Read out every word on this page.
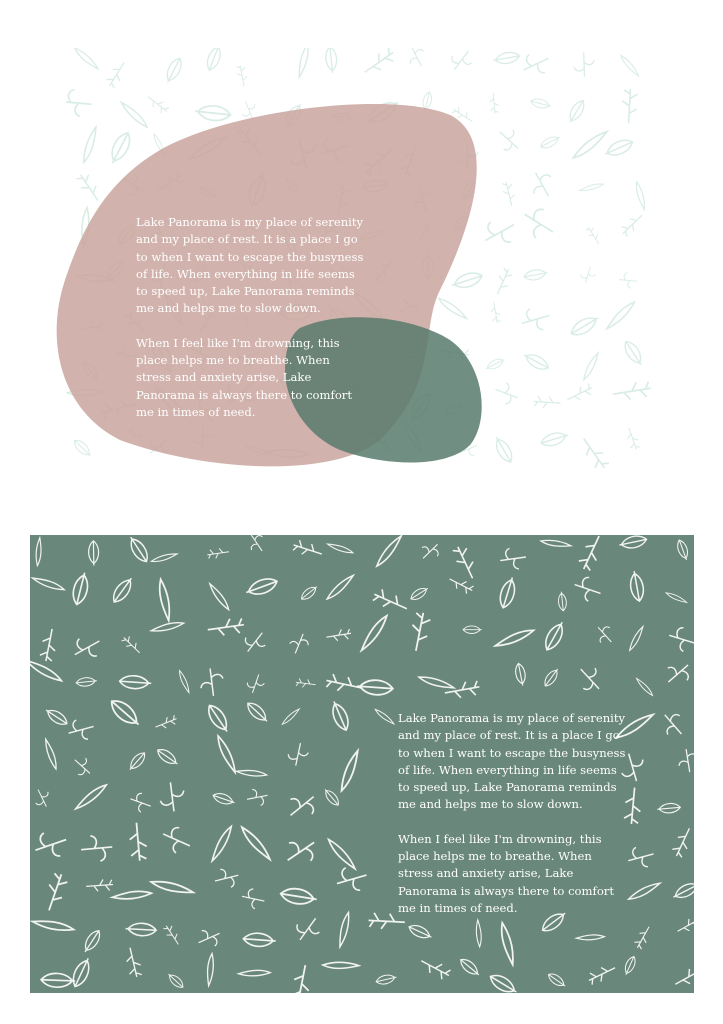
Lake Panorama is my place of serenity and my place of rest. It is a place I go to when I want to escape the busyness of life. When everything in life seems to speed up, Lake Panorama reminds me and helps me to slow down.

When I feel like I'm drowning, this place helps me to breathe. When stress and anxiety arise, Lake Panorama is always there to comfort me in times of need.

Lake Panorama is my place of serenity and my place of rest. It is a place I go to when I want to escape the busyness of life. When everything in life seems to speed up, Lake Panorama reminds me and helps me to slow down.

When I feel like I'm drowning, this place helps me to breathe. When stress and anxiety arise, Lake Panorama is always there to comfort me in times of need.
